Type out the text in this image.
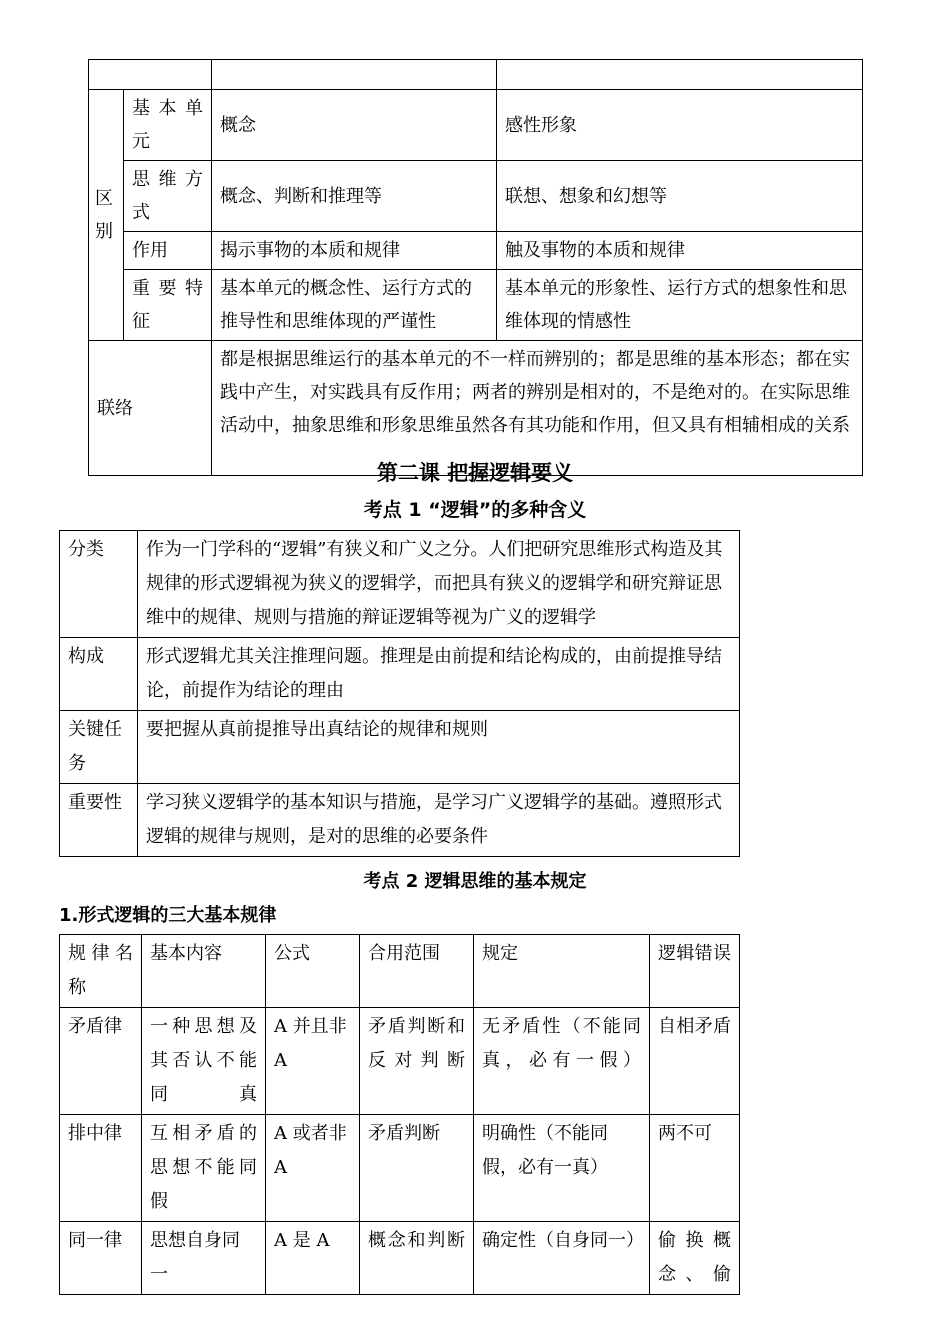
区别	基本单元	概念	感性形象
	思维方式	概念、判断和推理等	联想、想象和幻想等
	作用	揭示事物的本质和规律	触及事物的本质和规律
	重要特征	基本单元的概念性、运行方式的推导性和思维体现的严谨性	基本单元的形象性、运行方式的想象性和思维体现的情感性
联络		都是根据思维运行的基本单元的不一样而辨别的；都是思维的基本形态；都在实践中产生，对实践具有反作用；两者的辨别是相对的，不是绝对的。在实际思维活动中，抽象思维和形象思维虽然各有其功能和作用，但又具有相辅相成的关系	
第二课 把握逻辑要义
考点 1 “逻辑”的多种含义
分类	作为一门学科的“逻辑”有狭义和广义之分。人们把研究思维形式构造及其规律的形式逻辑视为狭义的逻辑学，而把具有狭义的逻辑学和研究辩证思维中的规律、规则与措施的辩证逻辑等视为广义的逻辑学
构成	形式逻辑尤其关注推理问题。推理是由前提和结论构成的，由前提推导结论，前提作为结论的理由
关键任务	要把握从真前提推导出真结论的规律和规则
重要性	学习狭义逻辑学的基本知识与措施，是学习广义逻辑学的基础。遵照形式逻辑的规律与规则，是对的思维的必要条件
考点 2 逻辑思维的基本规定
1.形式逻辑的三大基本规律
规律名称	基本内容	公式	合用范围	规定	逻辑错误
矛盾律	一种思想及其否认不能同真	A 并且非 A	矛盾判断和反对判断	无矛盾性（不能同真，必有一假）	自相矛盾
排中律	互相矛盾的思想不能同假	A 或者非 A	矛盾判断	明确性（不能同假，必有一真）	两不可
同一律	思想自身同一	A 是 A	概念和判断	确定性（自身同一）	偷换概念、偷
